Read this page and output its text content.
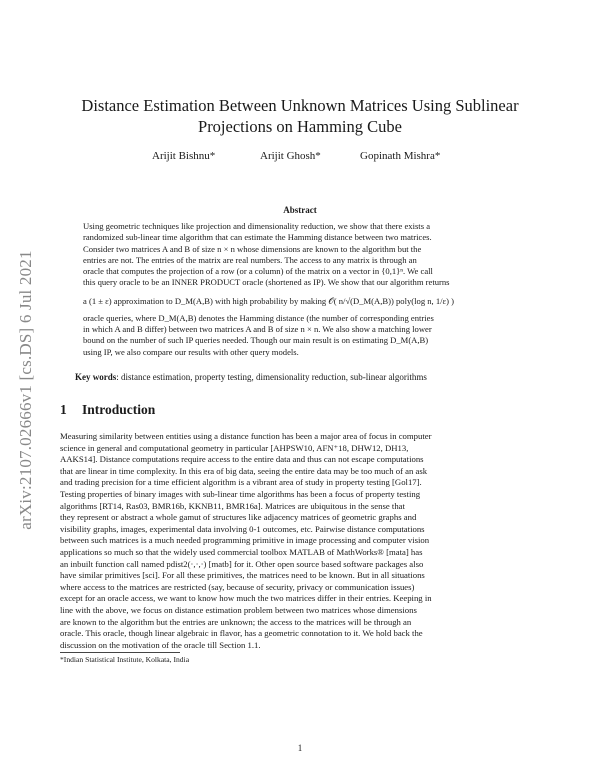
arXiv:2107.02666v1 [cs.DS] 6 Jul 2021
Distance Estimation Between Unknown Matrices Using Sublinear
Projections on Hamming Cube
Arijit Bishnu*	Arijit Ghosh*	Gopinath Mishra*
Abstract
Using geometric techniques like projection and dimensionality reduction, we show that there exists a
randomized sub-linear time algorithm that can estimate the Hamming distance between two matrices.
Consider two matrices A and B of size n × n whose dimensions are known to the algorithm but the
entries are not. The entries of the matrix are real numbers. The access to any matrix is through an
oracle that computes the projection of a row (or a column) of the matrix on a vector in {0,1}ⁿ. We call
this query oracle to be an INNER PRODUCT oracle (shortened as IP). We show that our algorithm returns
a (1 ± ε) approximation to D_M(A,B) with high probability by making 𝒪( n/√(D_M(A,B)) poly(log n, 1/ε) )
oracle queries, where D_M(A,B) denotes the Hamming distance (the number of corresponding entries
in which A and B differ) between two matrices A and B of size n × n. We also show a matching lower
bound on the number of such IP queries needed. Though our main result is on estimating D_M(A,B)
using IP, we also compare our results with other query models.
Key words: distance estimation, property testing, dimensionality reduction, sub-linear algorithms
1 Introduction
Measuring similarity between entities using a distance function has been a major area of focus in computer
science in general and computational geometry in particular [AHPSW10, AFN⁺18, DHW12, DH13,
AAKS14]. Distance computations require access to the entire data and thus can not escape computations
that are linear in time complexity. In this era of big data, seeing the entire data may be too much of an ask
and trading precision for a time efficient algorithm is a vibrant area of study in property testing [Gol17].
Testing properties of binary images with sub-linear time algorithms has been a focus of property testing
algorithms [RT14, Ras03, BMR16b, KKNB11, BMR16a]. Matrices are ubiquitous in the sense that
they represent or abstract a whole gamut of structures like adjacency matrices of geometric graphs and
visibility graphs, images, experimental data involving 0-1 outcomes, etc. Pairwise distance computations
between such matrices is a much needed programming primitive in image processing and computer vision
applications so much so that the widely used commercial toolbox MATLAB of MathWorks® [mata] has
an inbuilt function call named pdist2(·,·,·) [matb] for it. Other open source based software packages also
have similar primitives [sci]. For all these primitives, the matrices need to be known. But in all situations
where access to the matrices are restricted (say, because of security, privacy or communication issues)
except for an oracle access, we want to know how much the two matrices differ in their entries. Keeping in
line with the above, we focus on distance estimation problem between two matrices whose dimensions
are known to the algorithm but the entries are unknown; the access to the matrices will be through an
oracle. This oracle, though linear algebraic in flavor, has a geometric connotation to it. We hold back the
discussion on the motivation of the oracle till Section 1.1.
*Indian Statistical Institute, Kolkata, India
1
